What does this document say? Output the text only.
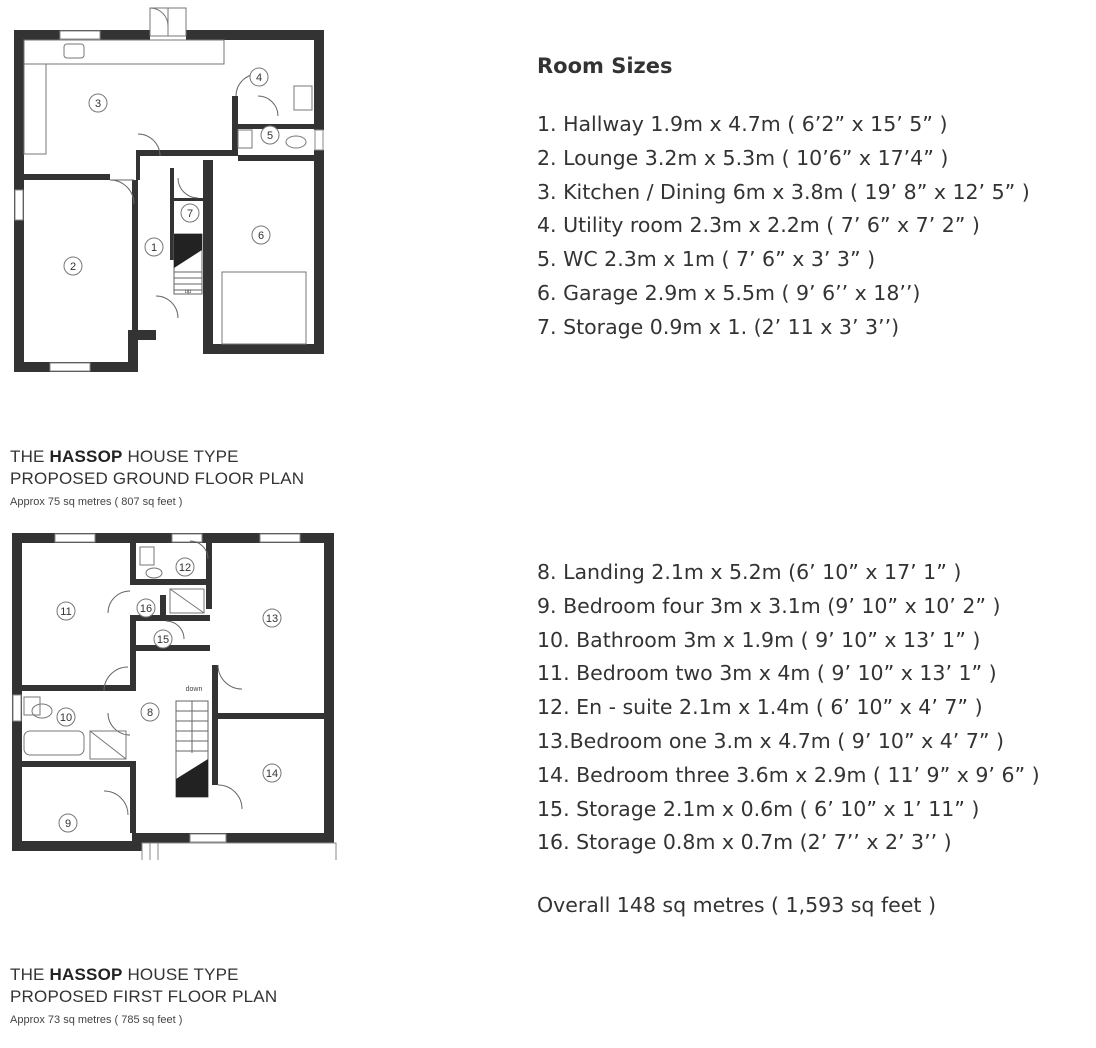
up
1
2
3
4
5
6
7
THE HASSOP HOUSE TYPE
PROPOSED GROUND FLOOR PLAN
Approx 75 sq metres ( 807 sq feet )
down
8
9
10
11
12
13
14
15
16
THE HASSOP HOUSE TYPE
PROPOSED FIRST FLOOR PLAN
Approx 73 sq metres ( 785 sq feet )
Room Sizes
1. Hallway 1.9m x 4.7m ( 6’2” x 15’ 5” )
2. Lounge 3.2m x 5.3m ( 10’6” x 17’4” )
3. Kitchen / Dining 6m x 3.8m ( 19’ 8” x 12’ 5” )
4. Utility room 2.3m x 2.2m ( 7’ 6” x 7’ 2” )
5. WC 2.3m x 1m ( 7’ 6” x 3’ 3” )
6. Garage 2.9m x 5.5m ( 9’ 6’’ x 18’’)
7. Storage 0.9m x 1. (2’ 11 x 3’ 3’’)
8. Landing 2.1m x 5.2m (6’ 10” x 17’ 1” )
9. Bedroom four 3m x 3.1m (9’ 10” x 10’ 2” )
10. Bathroom 3m x 1.9m ( 9’ 10” x 13’ 1” )
11. Bedroom two 3m x 4m ( 9’ 10” x 13’ 1” )
12. En - suite 2.1m x 1.4m ( 6’ 10” x 4’ 7” )
13.Bedroom one 3.m x 4.7m ( 9’ 10” x 4’ 7” )
14. Bedroom three 3.6m x 2.9m ( 11’ 9” x 9’ 6” )
15. Storage 2.1m x 0.6m ( 6’ 10” x 1’ 11” )
16. Storage 0.8m x 0.7m (2’ 7’’ x 2’ 3’’ )
Overall 148 sq metres ( 1,593 sq feet )
